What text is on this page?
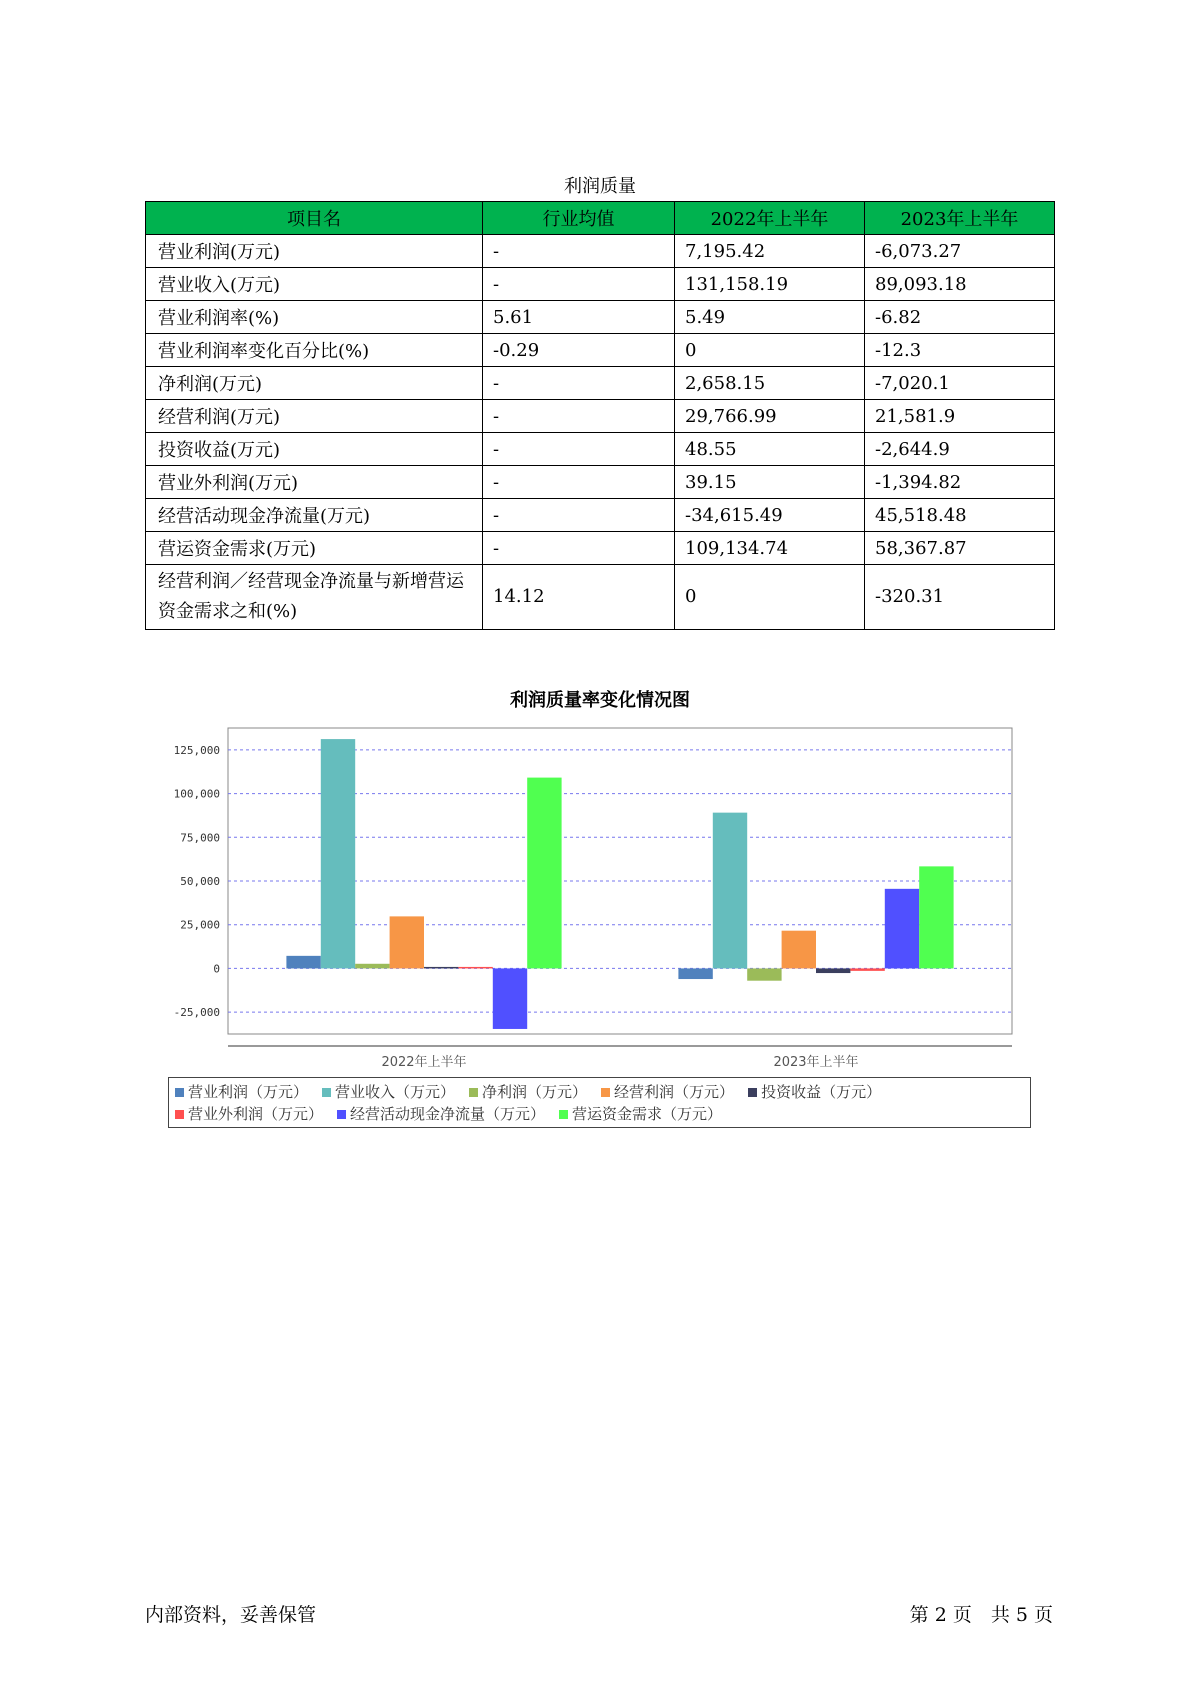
利润质量
项目名	行业均值	2022年上半年	2023年上半年
营业利润(万元)	-	7,195.42	-6,073.27
营业收入(万元)	-	131,158.19	89,093.18
营业利润率(%)	5.61	5.49	-6.82
营业利润率变化百分比(%)	-0.29	0	-12.3
净利润(万元)	-	2,658.15	-7,020.1
经营利润(万元)	-	29,766.99	21,581.9
投资收益(万元)	-	48.55	-2,644.9
营业外利润(万元)	-	39.15	-1,394.82
经营活动现金净流量(万元)	-	-34,615.49	45,518.48
营运资金需求(万元)	-	109,134.74	58,367.87
经营利润／经营现金净流量与新增营运资金需求之和(%)	14.12	0	-320.31
利润质量率变化情况图
125,000
100,000
75,000
50,000
25,000
0
-25,000
2022年上半年	2023年上半年
营业利润（万元） 营业收入（万元） 净利润（万元） 经营利润（万元） 投资收益（万元）
营业外利润（万元） 经营活动现金净流量（万元） 营运资金需求（万元）
内部资料，妥善保管	第 2 页　共 5 页
